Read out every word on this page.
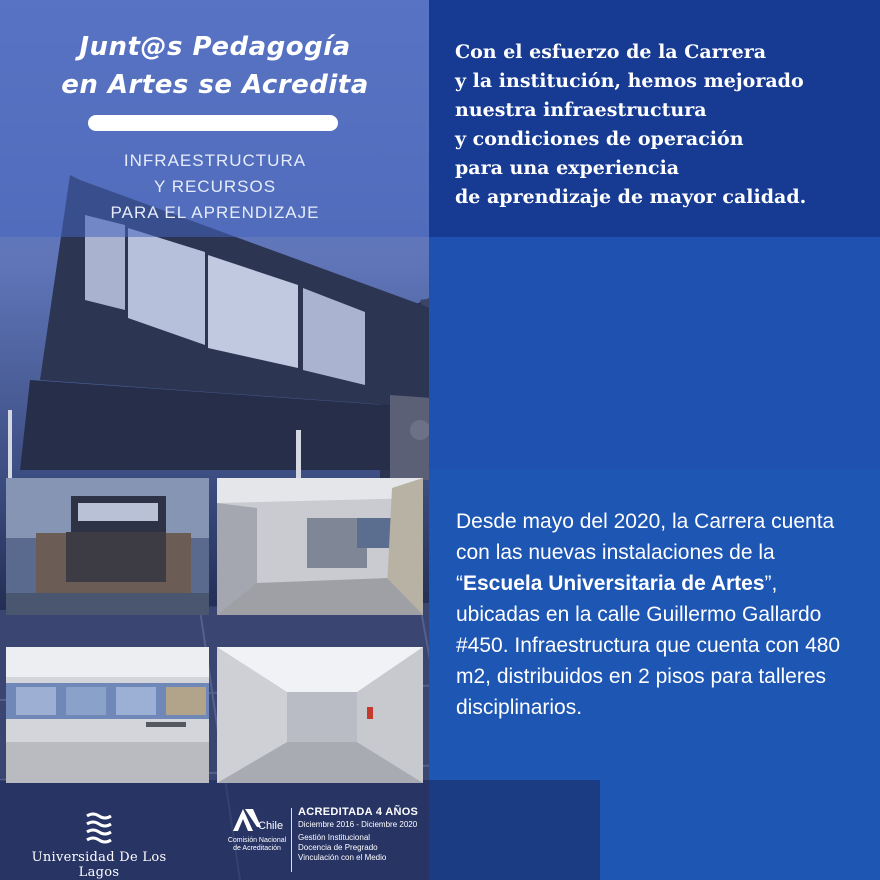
Junt@s Pedagogía
en Artes se Acredita
INFRAESTRUCTURA
Y RECURSOS
PARA EL APRENDIZAJE
Con el esfuerzo de la Carrera
y la institución, hemos mejorado
nuestra infraestructura
y condiciones de operación
para una experiencia
de aprendizaje de mayor calidad.
Desde mayo del 2020, la Carrera cuenta con las nuevas instalaciones de la “Escuela Universitaria de Artes”, ubicadas en la calle Guillermo Gallardo #450. Infraestructura que cuenta con 480 m2, distribuidos en 2 pisos para talleres disciplinarios.
Universidad De Los Lagos
Chile
Comisión Nacional
de Acreditación
ACREDITADA 4 AÑOS
Diciembre 2016 - Diciembre 2020
Gestión Institucional
Docencia de Pregrado
Vinculación con el Medio
